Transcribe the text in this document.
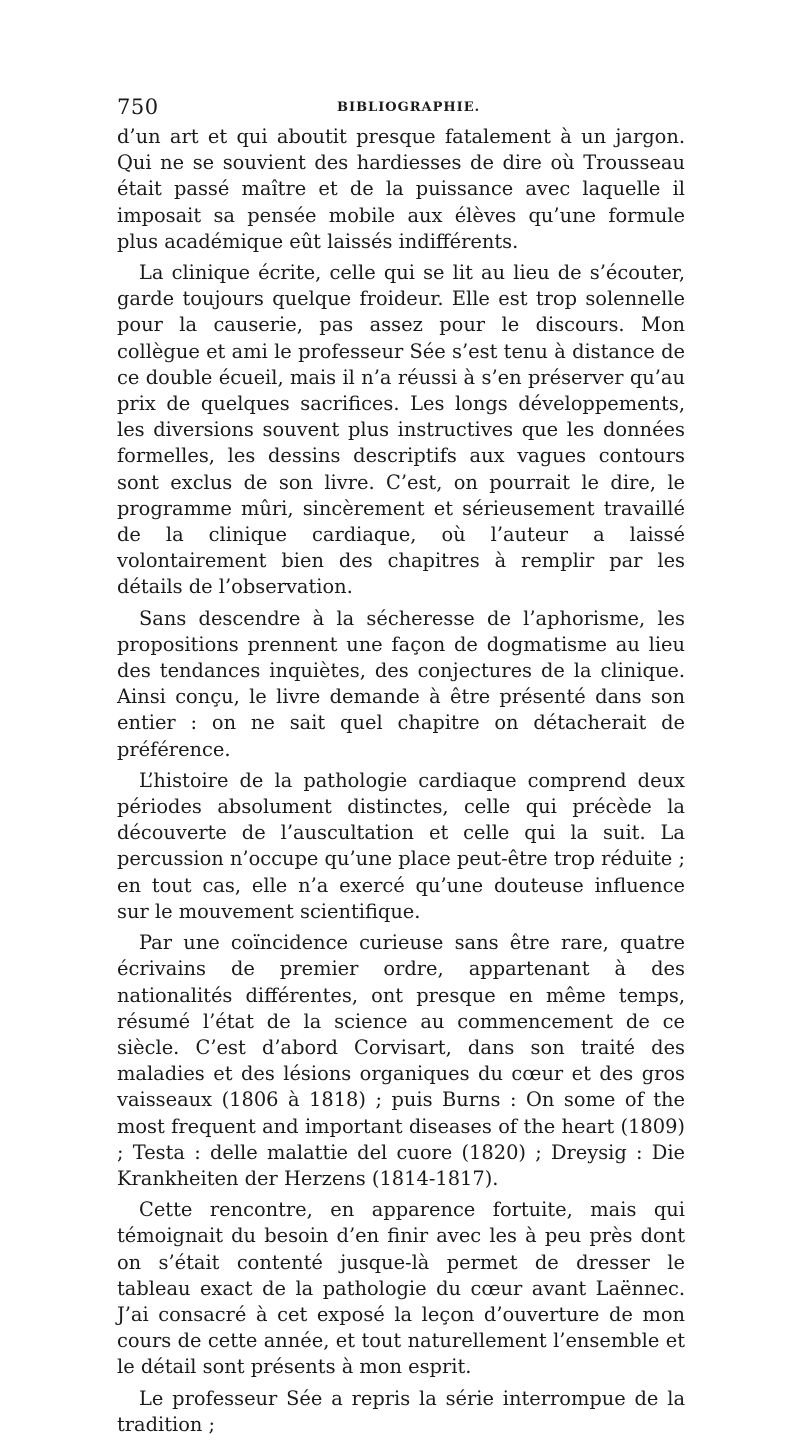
750	BIBLIOGRAPHIE.

d’un art et qui aboutit presque fatalement à un jargon. Qui ne se souvient des hardiesses de dire où Trousseau était passé maître et de la puissance avec laquelle il imposait sa pensée mobile aux élèves qu’une formule plus académique eût laissés indifférents.

La clinique écrite, celle qui se lit au lieu de s’écouter, garde toujours quelque froideur. Elle est trop solennelle pour la causerie, pas assez pour le discours. Mon collègue et ami le professeur Sée s’est tenu à distance de ce double écueil, mais il n’a réussi à s’en préserver qu’au prix de quelques sacrifices. Les longs développements, les diversions souvent plus instructives que les données formelles, les dessins descriptifs aux vagues contours sont exclus de son livre. C’est, on pourrait le dire, le programme mûri, sincèrement et sérieusement travaillé de la clinique cardiaque, où l’auteur a laissé volontairement bien des chapitres à remplir par les détails de l’observation.

Sans descendre à la sécheresse de l’aphorisme, les propositions prennent une façon de dogmatisme au lieu des tendances inquiètes, des conjectures de la clinique. Ainsi conçu, le livre demande à être présenté dans son entier : on ne sait quel chapitre on détacherait de préférence.

L’histoire de la pathologie cardiaque comprend deux périodes absolument distinctes, celle qui précède la découverte de l’auscultation et celle qui la suit. La percussion n’occupe qu’une place peut-être trop réduite ; en tout cas, elle n’a exercé qu’une douteuse influence sur le mouvement scientifique.

Par une coïncidence curieuse sans être rare, quatre écrivains de premier ordre, appartenant à des nationalités différentes, ont presque en même temps, résumé l’état de la science au commencement de ce siècle. C’est d’abord Corvisart, dans son traité des maladies et des lésions organiques du cœur et des gros vaisseaux (1806 à 1818) ; puis Burns : On some of the most frequent and important diseases of the heart (1809) ; Testa : delle malattie del cuore (1820) ; Dreysig : Die Krankheiten der Herzens (1814-1817).

Cette rencontre, en apparence fortuite, mais qui témoignait du besoin d’en finir avec les à peu près dont on s’était contenté jusque-là permet de dresser le tableau exact de la pathologie du cœur avant Laënnec. J’ai consacré à cet exposé la leçon d’ouverture de mon cours de cette année, et tout naturellement l’ensemble et le détail sont présents à mon esprit.

Le professeur Sée a repris la série interrompue de la tradition ;
